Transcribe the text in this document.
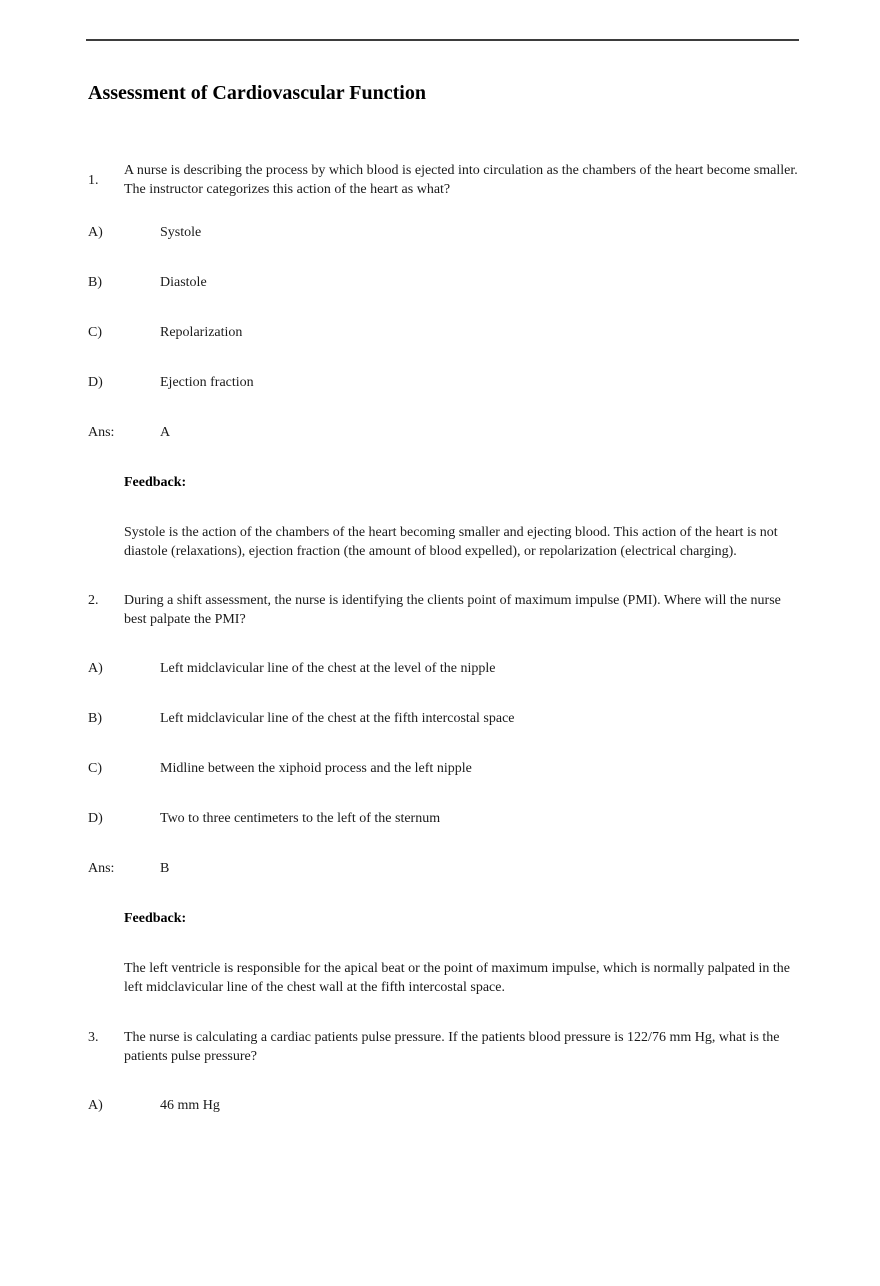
Assessment of Cardiovascular Function
1.
A nurse is describing the process by which blood is ejected into circulation as the chambers of the heart become smaller. The instructor categorizes this action of the heart as what?
A)	Systole
B)	Diastole
C)	Repolarization
D)	Ejection fraction
Ans:	A
Feedback:
Systole is the action of the chambers of the heart becoming smaller and ejecting blood. This action of the heart is not diastole (relaxations), ejection fraction (the amount of blood expelled), or repolarization (electrical charging).
2.	During a shift assessment, the nurse is identifying the clients point of maximum impulse (PMI). Where will the nurse best palpate the PMI?
A)	Left midclavicular line of the chest at the level of the nipple
B)	Left midclavicular line of the chest at the fifth intercostal space
C)	Midline between the xiphoid process and the left nipple
D)	Two to three centimeters to the left of the sternum
Ans:	B
Feedback:
The left ventricle is responsible for the apical beat or the point of maximum impulse, which is normally palpated in the left midclavicular line of the chest wall at the fifth intercostal space.
3.	The nurse is calculating a cardiac patients pulse pressure. If the patients blood pressure is 122/76 mm Hg, what is the patients pulse pressure?
A)	46 mm Hg
